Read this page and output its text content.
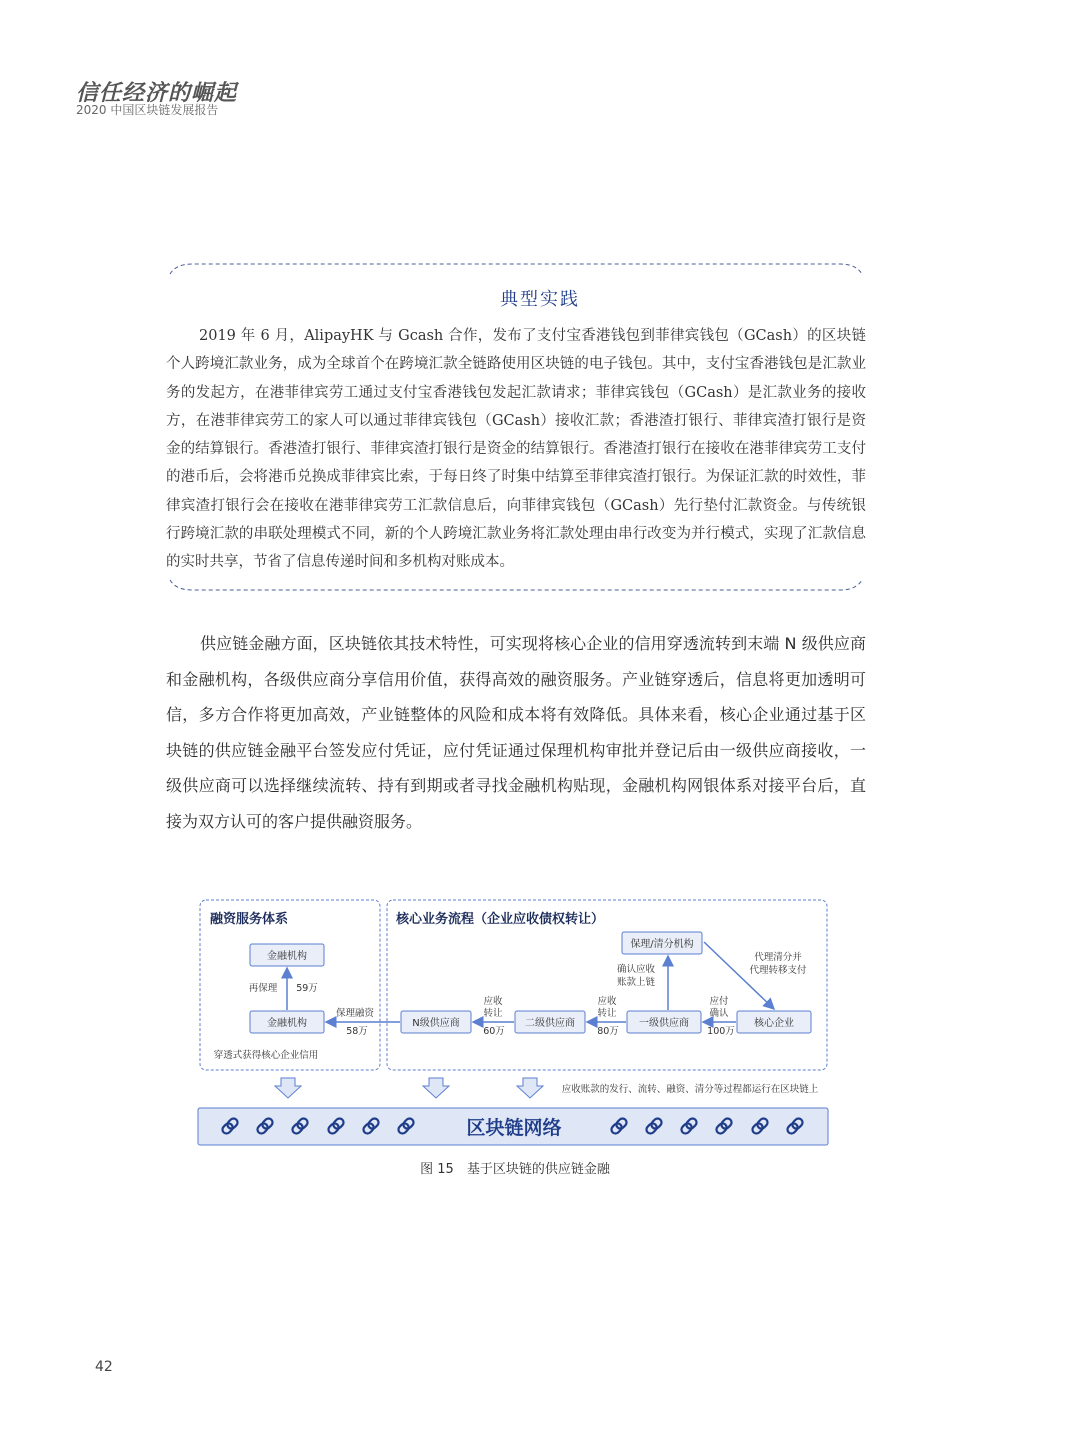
信任经济的崛起
2020 中国区块链发展报告
典型实践
2019 年 6 月，AlipayHK 与 Gcash 合作，发布了支付宝香港钱包到菲律宾钱包（GCash）的区块链个人跨境汇款业务，成为全球首个在跨境汇款全链路使用区块链的电子钱包。其中，支付宝香港钱包是汇款业务的发起方，在港菲律宾劳工通过支付宝香港钱包发起汇款请求；菲律宾钱包（GCash）是汇款业务的接收方，在港菲律宾劳工的家人可以通过菲律宾钱包（GCash）接收汇款；香港渣打银行、菲律宾渣打银行是资金的结算银行。香港渣打银行、菲律宾渣打银行是资金的结算银行。香港渣打银行在接收在港菲律宾劳工支付的港币后，会将港币兑换成菲律宾比索，于每日终了时集中结算至菲律宾渣打银行。为保证汇款的时效性，菲律宾渣打银行会在接收在港菲律宾劳工汇款信息后，向菲律宾钱包（GCash）先行垫付汇款资金。与传统银行跨境汇款的串联处理模式不同，新的个人跨境汇款业务将汇款处理由串行改变为并行模式，实现了汇款信息的实时共享，节省了信息传递时间和多机构对账成本。
供应链金融方面，区块链依其技术特性，可实现将核心企业的信用穿透流转到末端 N 级供应商和金融机构，各级供应商分享信用价值，获得高效的融资服务。产业链穿透后，信息将更加透明可信，多方合作将更加高效，产业链整体的风险和成本将有效降低。具体来看，核心企业通过基于区块链的供应链金融平台签发应付凭证，应付凭证通过保理机构审批并登记后由一级供应商接收，一级供应商可以选择继续流转、持有到期或者寻找金融机构贴现，金融机构网银体系对接平台后，直接为双方认可的客户提供融资服务。
融资服务体系	核心业务流程（企业应收债权转让）
金融机构
金融机构
再保理 59万
N级供应商	二级供应商	一级供应商	核心企业
保理/清分机构
保理融资
58万
穿透式获得核心企业信用
应收
转让
60万
应收
转让
80万
应付
确认
100万
确认应收
账款上链
代理清分并
代理转移支付
应收账款的发行、流转、融资、清分等过程都运行在区块链上
区块链网络
图 15　基于区块链的供应链金融
42
